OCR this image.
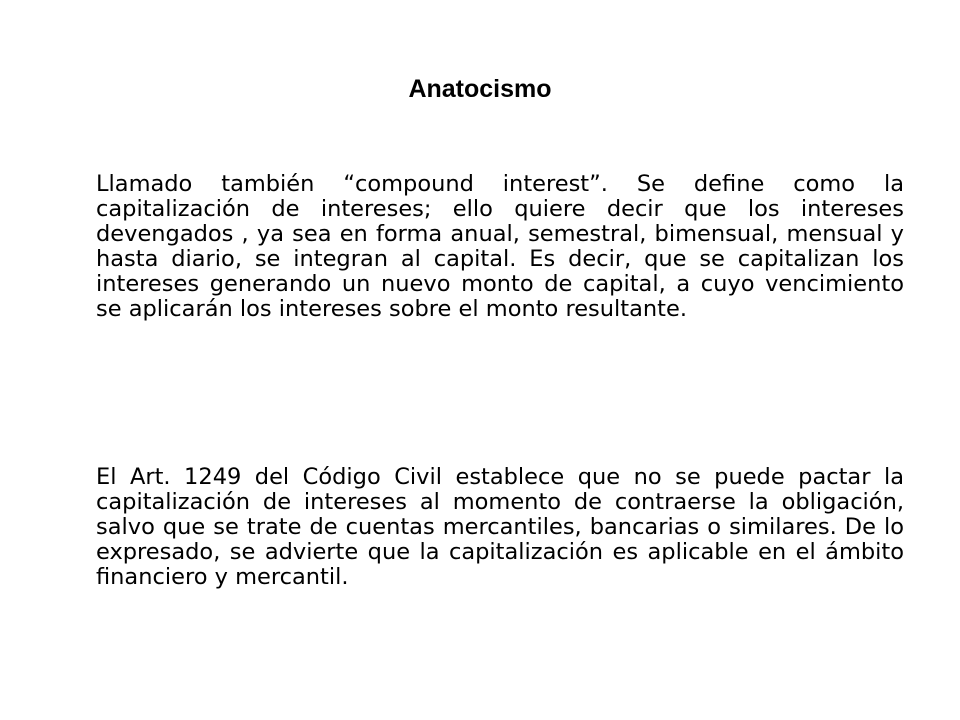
Anatocismo

Llamado también “compound interest”. Se define como la capitalización de intereses; ello quiere decir que los intereses devengados , ya sea en forma anual, semestral, bimensual, mensual y hasta diario, se integran al capital. Es decir, que se capitalizan los intereses generando un nuevo monto de capital, a cuyo vencimiento se aplicarán los intereses sobre el monto resultante.

El Art. 1249 del Código Civil establece que no se puede pactar la capitalización de intereses al momento de contraerse la obligación, salvo que se trate de cuentas mercantiles, bancarias o similares. De lo expresado, se advierte que la capitalización es aplicable en el ámbito financiero y mercantil.
